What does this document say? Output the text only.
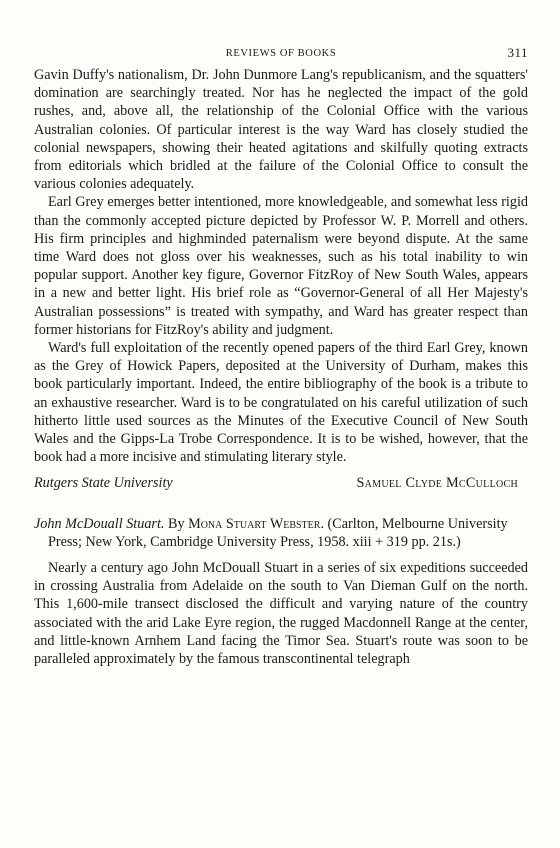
REVIEWS OF BOOKS	311

Gavin Duffy's nationalism, Dr. John Dunmore Lang's republicanism, and the squatters' domination are searchingly treated. Nor has he neglected the impact of the gold rushes, and, above all, the relationship of the Colonial Office with the various Australian colonies. Of particular interest is the way Ward has closely studied the colonial newspapers, showing their heated agitations and skilfully quoting extracts from editorials which bridled at the failure of the Colonial Office to consult the various colonies adequately.

Earl Grey emerges better intentioned, more knowledgeable, and somewhat less rigid than the commonly accepted picture depicted by Professor W. P. Morrell and others. His firm principles and highminded paternalism were beyond dispute. At the same time Ward does not gloss over his weaknesses, such as his total inability to win popular support. Another key figure, Governor FitzRoy of New South Wales, appears in a new and better light. His brief role as “Governor-General of all Her Majesty's Australian possessions” is treated with sympathy, and Ward has greater respect than former historians for FitzRoy's ability and judgment.

Ward's full exploitation of the recently opened papers of the third Earl Grey, known as the Grey of Howick Papers, deposited at the University of Durham, makes this book particularly important. Indeed, the entire bibliography of the book is a tribute to an exhaustive researcher. Ward is to be congratulated on his careful utilization of such hitherto little used sources as the Minutes of the Executive Council of New South Wales and the Gipps-La Trobe Correspondence. It is to be wished, however, that the book had a more incisive and stimulating literary style.

Rutgers State University	Samuel Clyde McCulloch

John McDouall Stuart. By Mona Stuart Webster. (Carlton, Melbourne University Press; New York, Cambridge University Press, 1958. xiii + 319 pp. 21s.)

Nearly a century ago John McDouall Stuart in a series of six expeditions succeeded in crossing Australia from Adelaide on the south to Van Dieman Gulf on the north. This 1,600-mile transect disclosed the difficult and varying nature of the country associated with the arid Lake Eyre region, the rugged Macdonnell Range at the center, and little-known Arnhem Land facing the Timor Sea. Stuart's route was soon to be paralleled approximately by the famous transcontinental telegraph
